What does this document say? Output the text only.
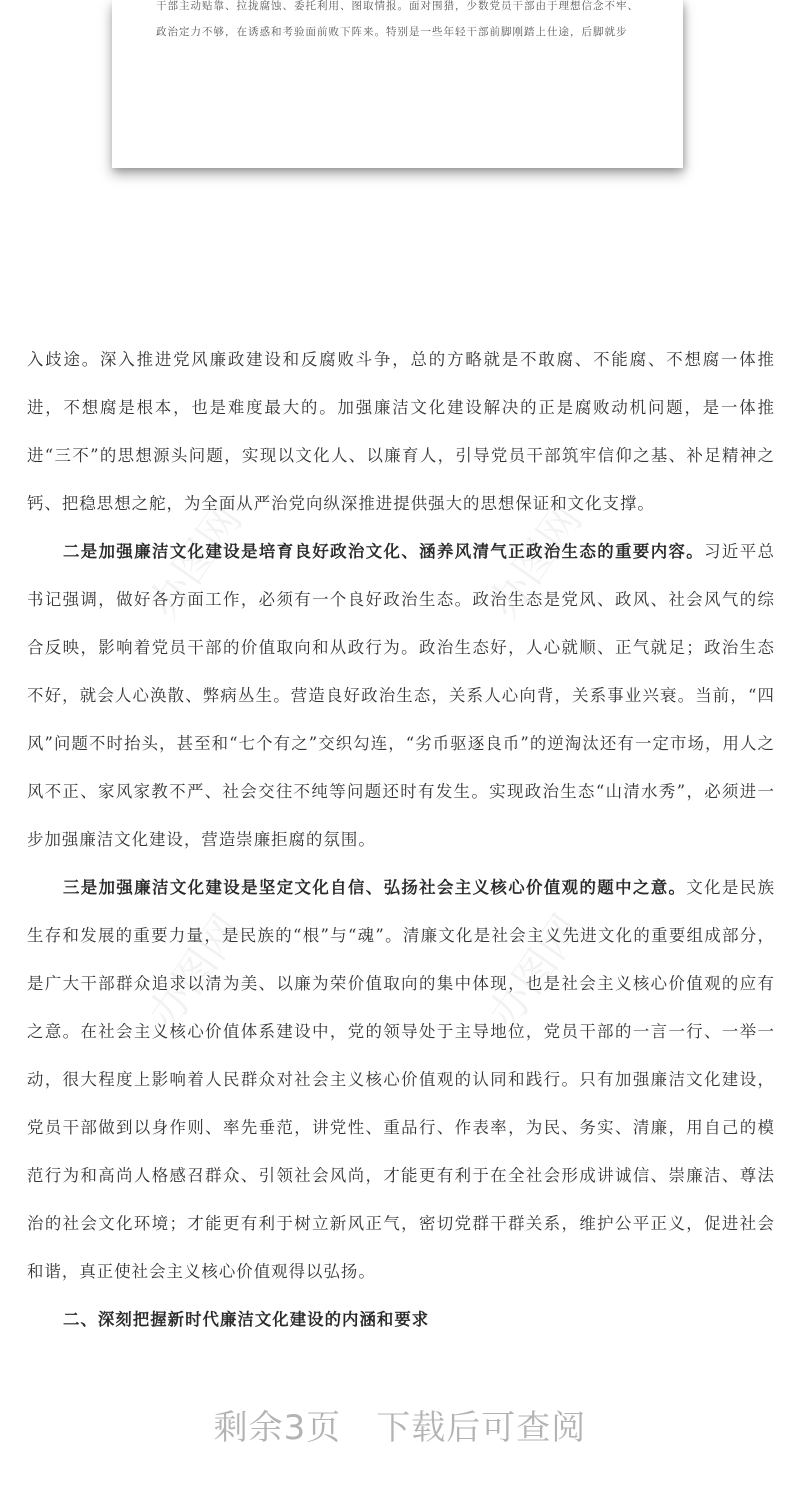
干部主动贴靠、拉拢腐蚀、委托利用、图取情报。面对围猎，少数党员干部由于理想信念不牢、
政治定力不够，在诱惑和考验面前败下阵来。特别是一些年轻干部前脚刚踏上仕途，后脚就步
办图网	办图网
办图网	办图网

入歧途。深入推进党风廉政建设和反腐败斗争，总的方略就是不敢腐、不能腐、不想腐一体推进，不想腐是根本，也是难度最大的。加强廉洁文化建设解决的正是腐败动机问题，是一体推进“三不”的思想源头问题，实现以文化人、以廉育人，引导党员干部筑牢信仰之基、补足精神之钙、把稳思想之舵，为全面从严治党向纵深推进提供强大的思想保证和文化支撑。

二是加强廉洁文化建设是培育良好政治文化、涵养风清气正政治生态的重要内容。习近平总书记强调，做好各方面工作，必须有一个良好政治生态。政治生态是党风、政风、社会风气的综合反映，影响着党员干部的价值取向和从政行为。政治生态好，人心就顺、正气就足；政治生态不好，就会人心涣散、弊病丛生。营造良好政治生态，关系人心向背，关系事业兴衰。当前，“四风”问题不时抬头，甚至和“七个有之”交织勾连，“劣币驱逐良币”的逆淘汰还有一定市场，用人之风不正、家风家教不严、社会交往不纯等问题还时有发生。实现政治生态“山清水秀”，必须进一步加强廉洁文化建设，营造崇廉拒腐的氛围。

三是加强廉洁文化建设是坚定文化自信、弘扬社会主义核心价值观的题中之意。文化是民族生存和发展的重要力量，是民族的“根”与“魂”。清廉文化是社会主义先进文化的重要组成部分，是广大干部群众追求以清为美、以廉为荣价值取向的集中体现，也是社会主义核心价值观的应有之意。在社会主义核心价值体系建设中，党的领导处于主导地位，党员干部的一言一行、一举一动，很大程度上影响着人民群众对社会主义核心价值观的认同和践行。只有加强廉洁文化建设，党员干部做到以身作则、率先垂范，讲党性、重品行、作表率，为民、务实、清廉，用自己的模范行为和高尚人格感召群众、引领社会风尚，才能更有利于在全社会形成讲诚信、崇廉洁、尊法治的社会文化环境；才能更有利于树立新风正气，密切党群干群关系，维护公平正义，促进社会和谐，真正使社会主义核心价值观得以弘扬。

二、深刻把握新时代廉洁文化建设的内涵和要求

剩余3页　下载后可查阅
